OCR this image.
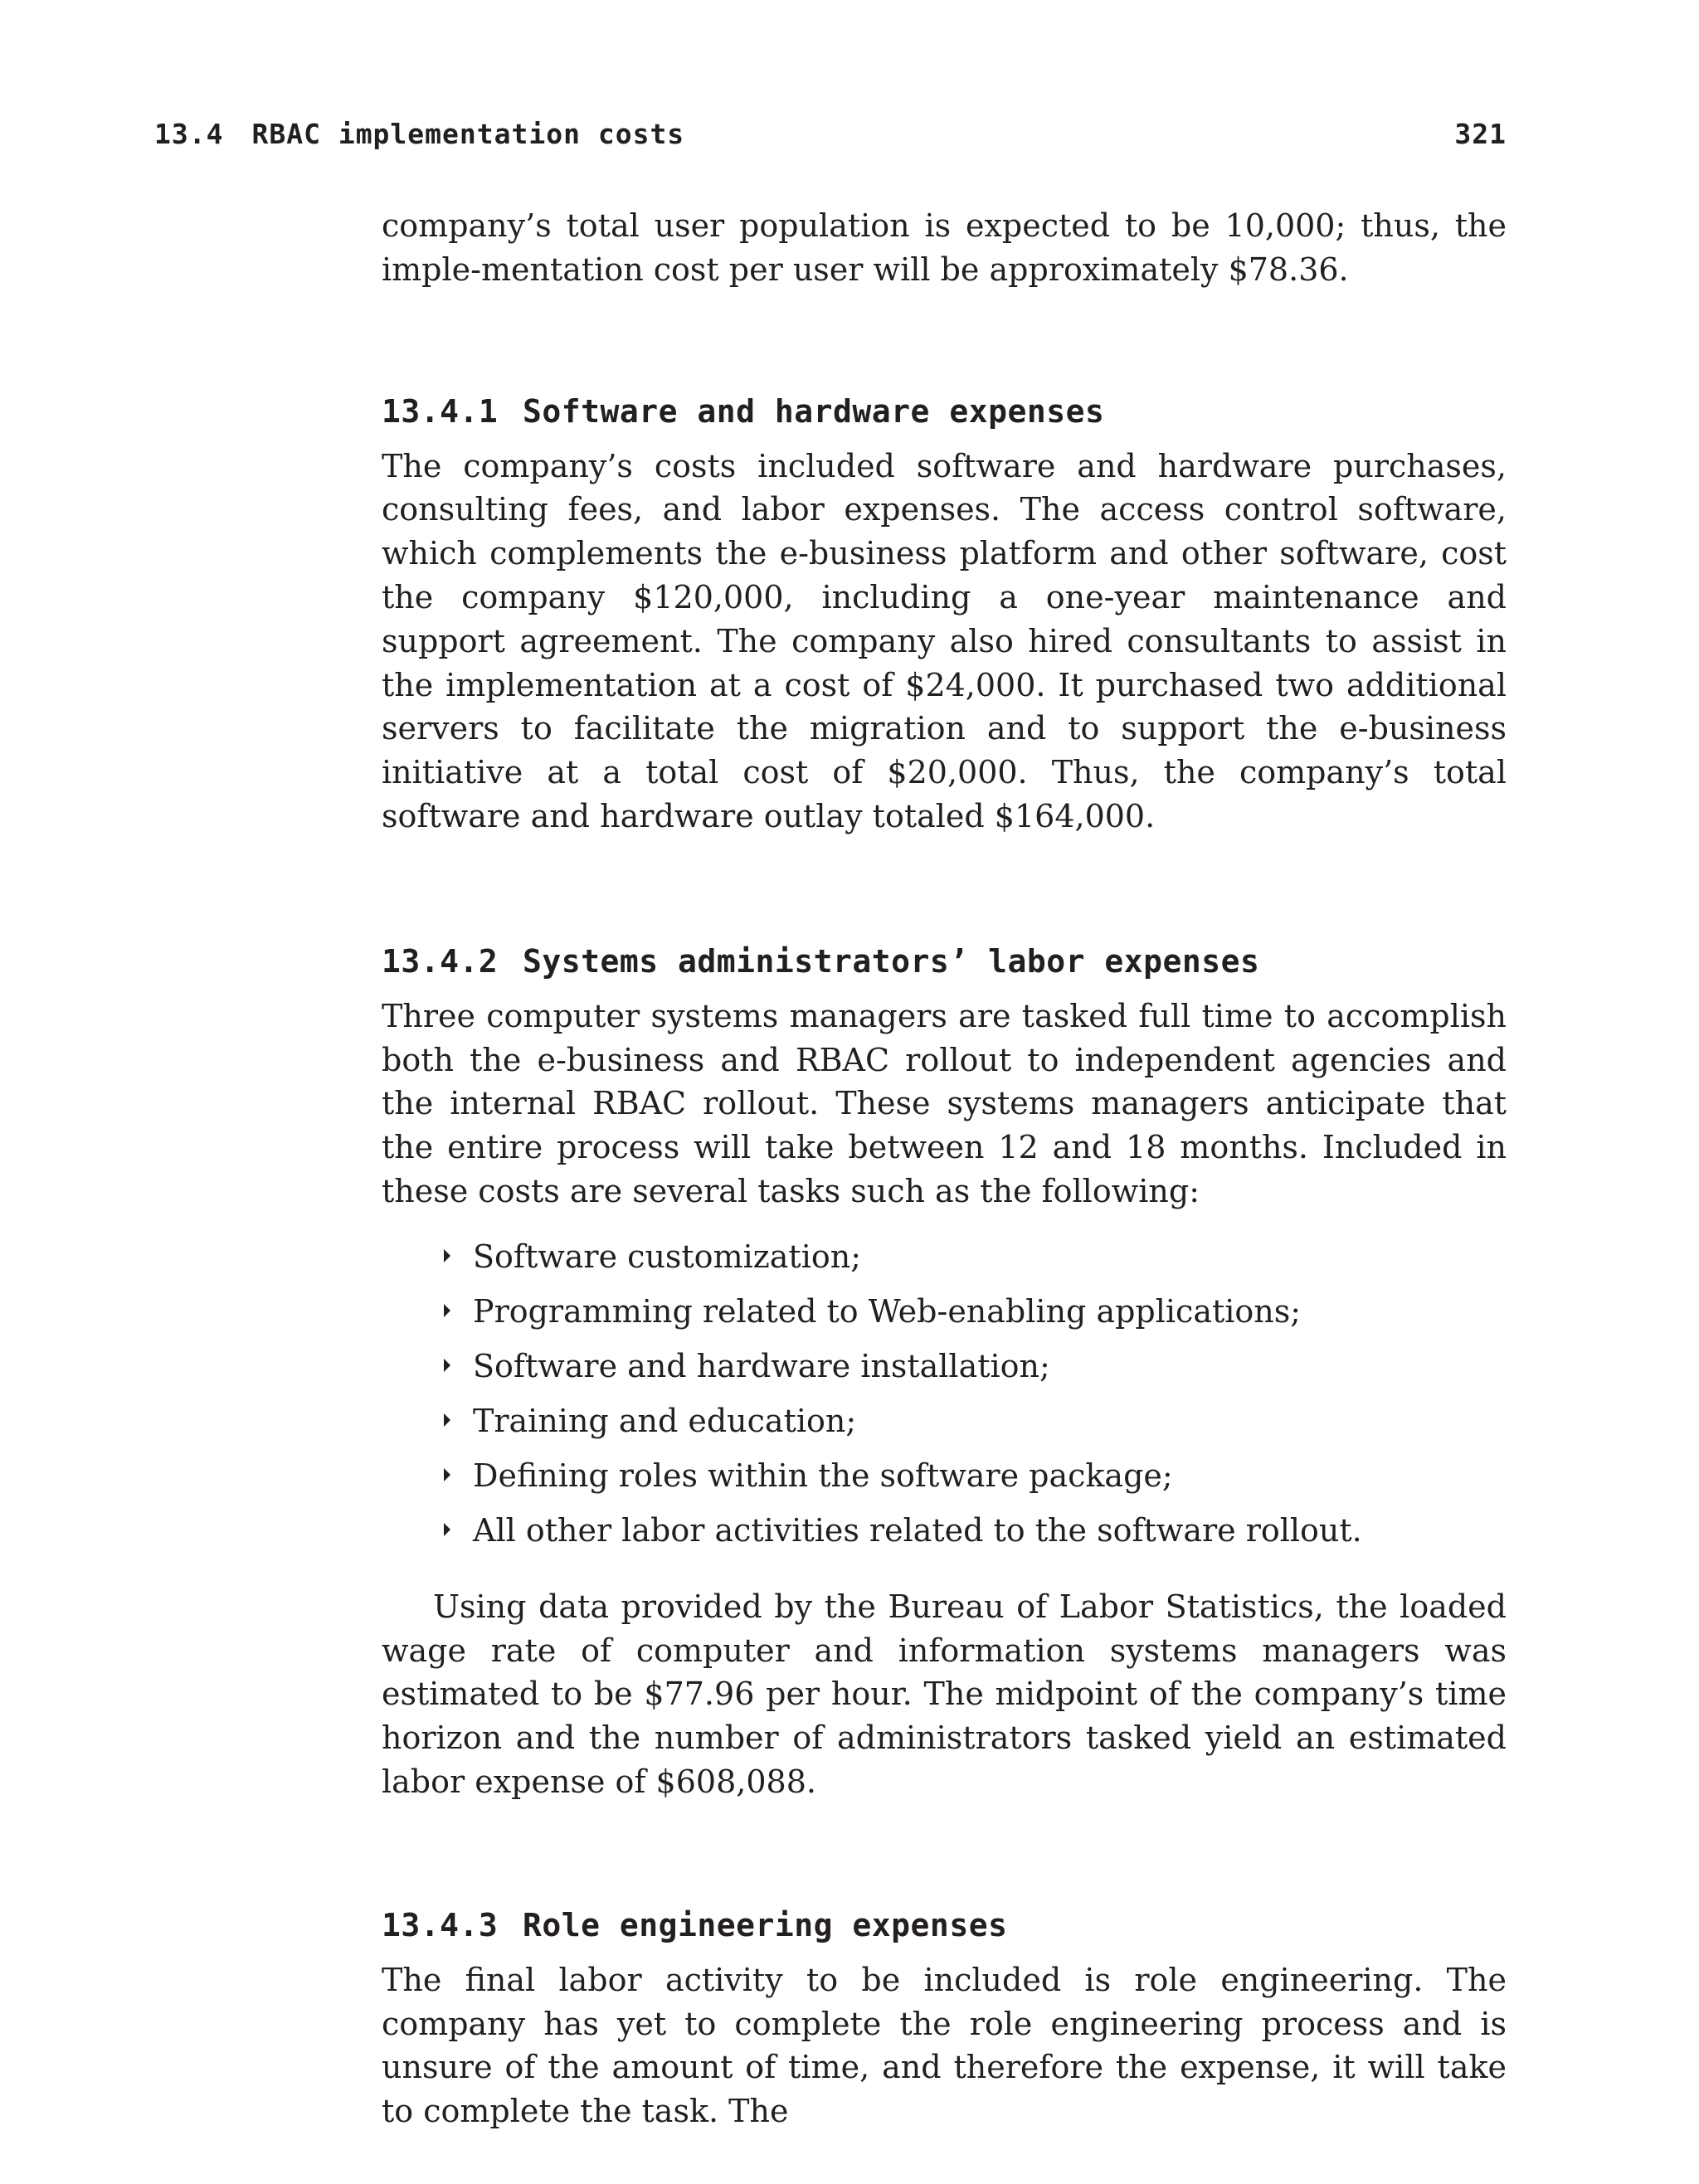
13.4 RBAC implementation costs	321

company’s total user population is expected to be 10,000; thus, the imple-mentation cost per user will be approximately $78.36.

13.4.1 Software and hardware expenses

The company’s costs included software and hardware purchases, consulting fees, and labor expenses. The access control software, which complements the e-business platform and other software, cost the company $120,000, including a one-year maintenance and support agreement. The company also hired consultants to assist in the implementation at a cost of $24,000. It purchased two additional servers to facilitate the migration and to support the e-business initiative at a total cost of $20,000. Thus, the company’s total software and hardware outlay totaled $164,000.

13.4.2 Systems administrators’ labor expenses

Three computer systems managers are tasked full time to accomplish both the e-business and RBAC rollout to independent agencies and the internal RBAC rollout. These systems managers anticipate that the entire process will take between 12 and 18 months. Included in these costs are several tasks such as the following:

Software customization;
Programming related to Web-enabling applications;
Software and hardware installation;
Training and education;
Defining roles within the software package;
All other labor activities related to the software rollout.

Using data provided by the Bureau of Labor Statistics, the loaded wage rate of computer and information systems managers was estimated to be $77.96 per hour. The midpoint of the company’s time horizon and the number of administrators tasked yield an estimated labor expense of $608,088.

13.4.3 Role engineering expenses

The final labor activity to be included is role engineering. The company has yet to complete the role engineering process and is unsure of the amount of time, and therefore the expense, it will take to complete the task. The
